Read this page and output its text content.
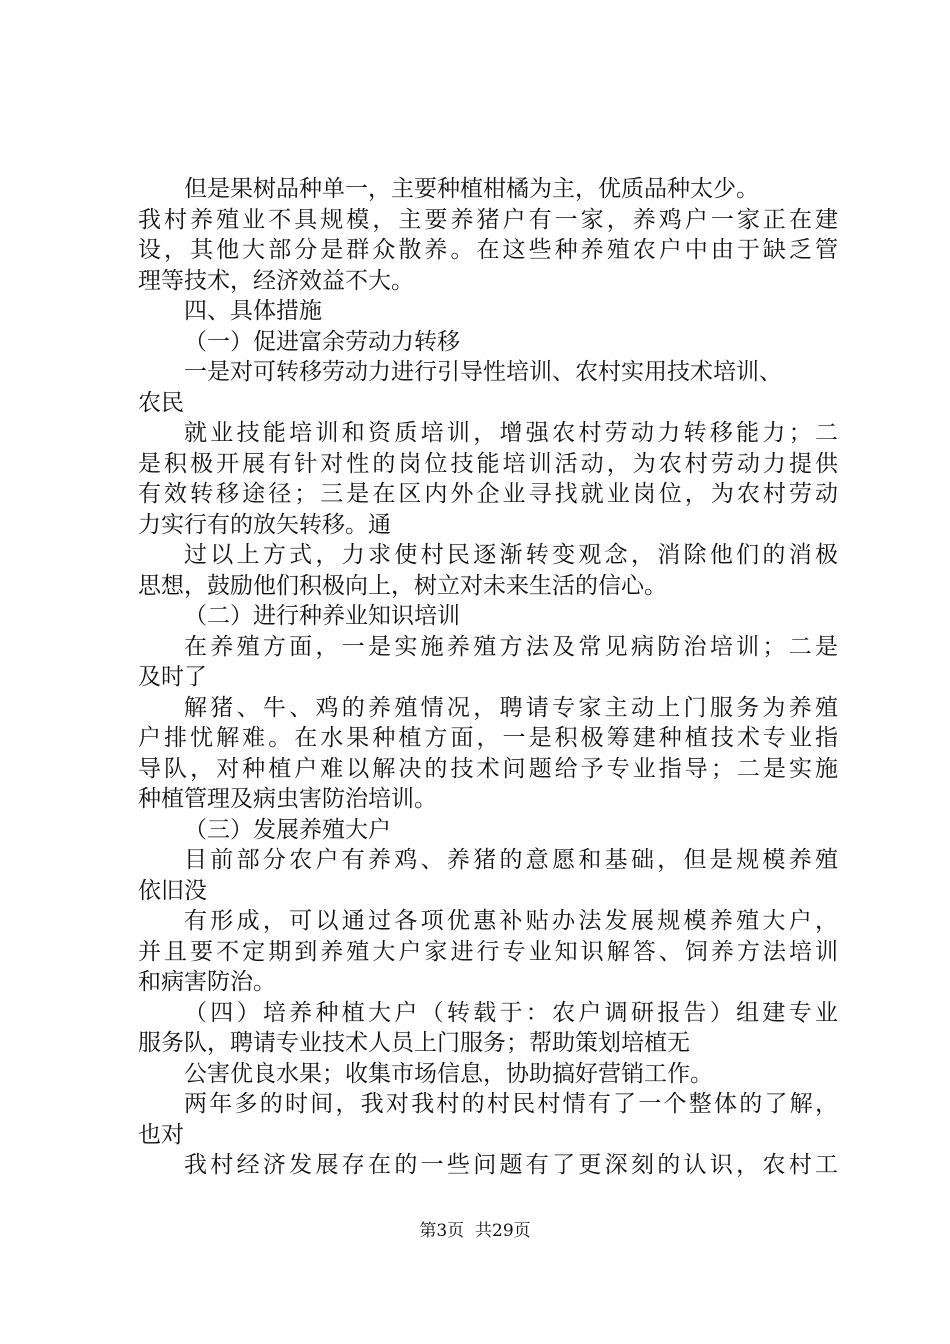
但是果树品种单一，主要种植柑橘为主，优质品种太少。
我村养殖业不具规模，主要养猪户有一家，养鸡户一家正在建
设，其他大部分是群众散养。在这些种养殖农户中由于缺乏管
理等技术，经济效益不大。
四、具体措施
（一）促进富余劳动力转移
一是对可转移劳动力进行引导性培训、农村实用技术培训、
农民
就业技能培训和资质培训，增强农村劳动力转移能力；二
是积极开展有针对性的岗位技能培训活动，为农村劳动力提供
有效转移途径；三是在区内外企业寻找就业岗位，为农村劳动
力实行有的放矢转移。通
过以上方式，力求使村民逐渐转变观念，消除他们的消极
思想，鼓励他们积极向上，树立对未来生活的信心。
（二）进行种养业知识培训
在养殖方面，一是实施养殖方法及常见病防治培训；二是
及时了
解猪、牛、鸡的养殖情况，聘请专家主动上门服务为养殖
户排忧解难。在水果种植方面，一是积极筹建种植技术专业指
导队，对种植户难以解决的技术问题给予专业指导；二是实施
种植管理及病虫害防治培训。
（三）发展养殖大户
目前部分农户有养鸡、养猪的意愿和基础，但是规模养殖
依旧没
有形成，可以通过各项优惠补贴办法发展规模养殖大户，
并且要不定期到养殖大户家进行专业知识解答、饲养方法培训
和病害防治。
（四）培养种植大户（转载于：农户调研报告）组建专业
服务队，聘请专业技术人员上门服务；帮助策划培植无
公害优良水果；收集市场信息，协助搞好营销工作。
两年多的时间，我对我村的村民村情有了一个整体的了解，
也对
我村经济发展存在的一些问题有了更深刻的认识，农村工
第3页 共29页
